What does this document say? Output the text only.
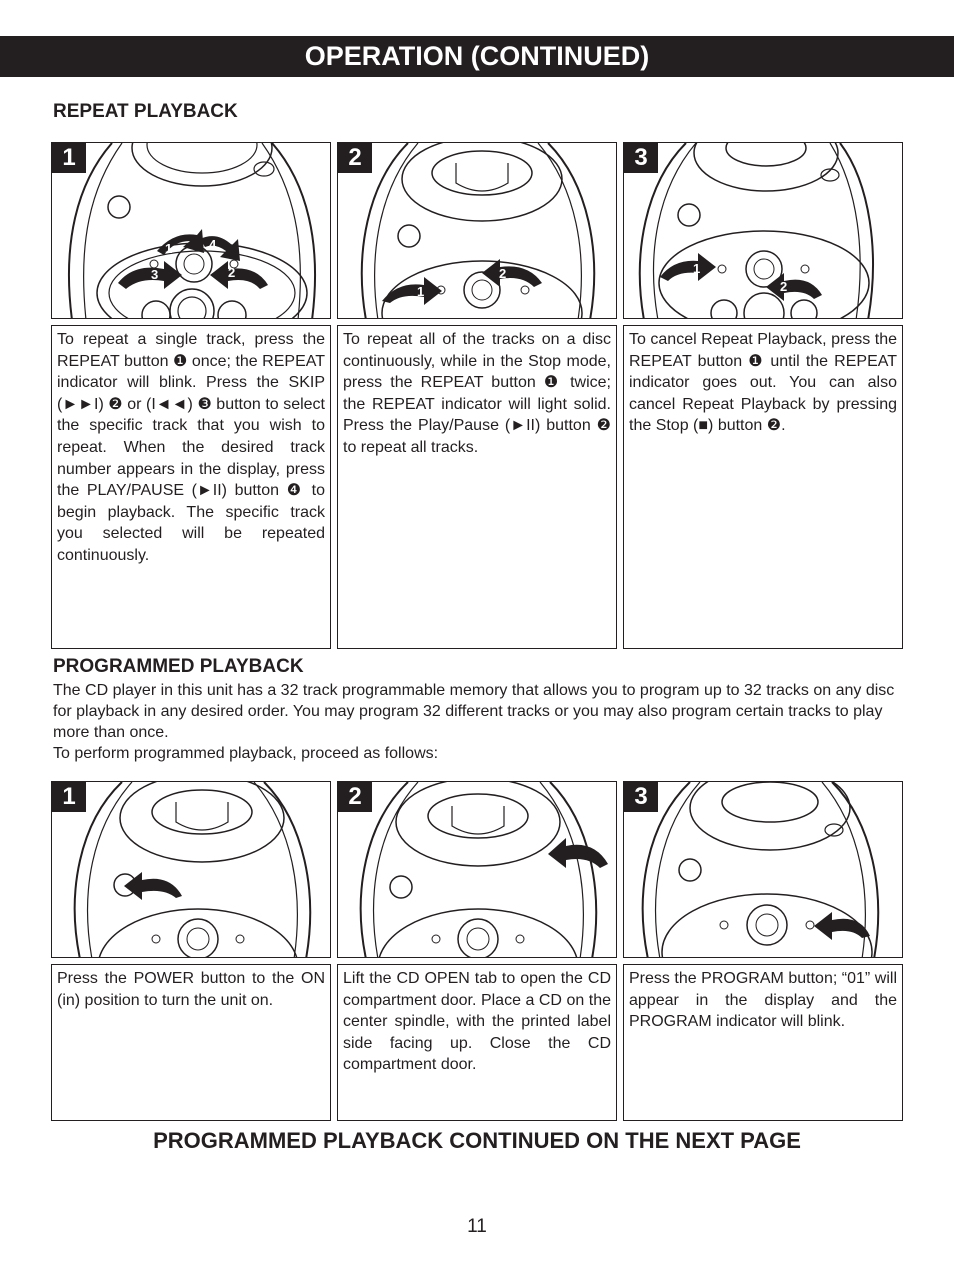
OPERATION (CONTINUED)
REPEAT PLAYBACK
1
2
3
4
1
1
2
2
1
2
3
To repeat a single track, press the REPEAT button ❶ once; the REPEAT indicator will blink. Press the SKIP (►►I) ❷ or (I◄◄) ❸ button to select the specific track that you wish to repeat. When the desired track number appears in the display, press the PLAY/PAUSE (►II) button ❹ to begin playback. The specific track you selected will be repeated continuously.
To repeat all of the tracks on a disc continuously, while in the Stop mode, press the REPEAT button ❶ twice; the REPEAT indicator will light solid. Press the Play/Pause (►II) button ❷ to repeat all tracks.
To cancel Repeat Playback, press the REPEAT button ❶ until the REPEAT indicator goes out. You can also cancel Repeat Playback by pressing the Stop (■) button ❷.
PROGRAMMED PLAYBACK

The CD player in this unit has a 32 track programmable memory that allows you to program up to 32 tracks on any disc for playback in any desired order. You may program 32 different tracks or you may also program certain tracks to play more than once.

To perform programmed playback, proceed as follows:

1	2	3
Press the POWER button to the ON (in) position to turn the unit on.
Lift the CD OPEN tab to open the CD compartment door. Place a CD on the center spindle, with the printed label side facing up. Close the CD compartment door.
Press the PROGRAM button; “01” will appear in the display and the PROGRAM indicator will blink.
PROGRAMMED PLAYBACK CONTINUED ON THE NEXT PAGE
11
